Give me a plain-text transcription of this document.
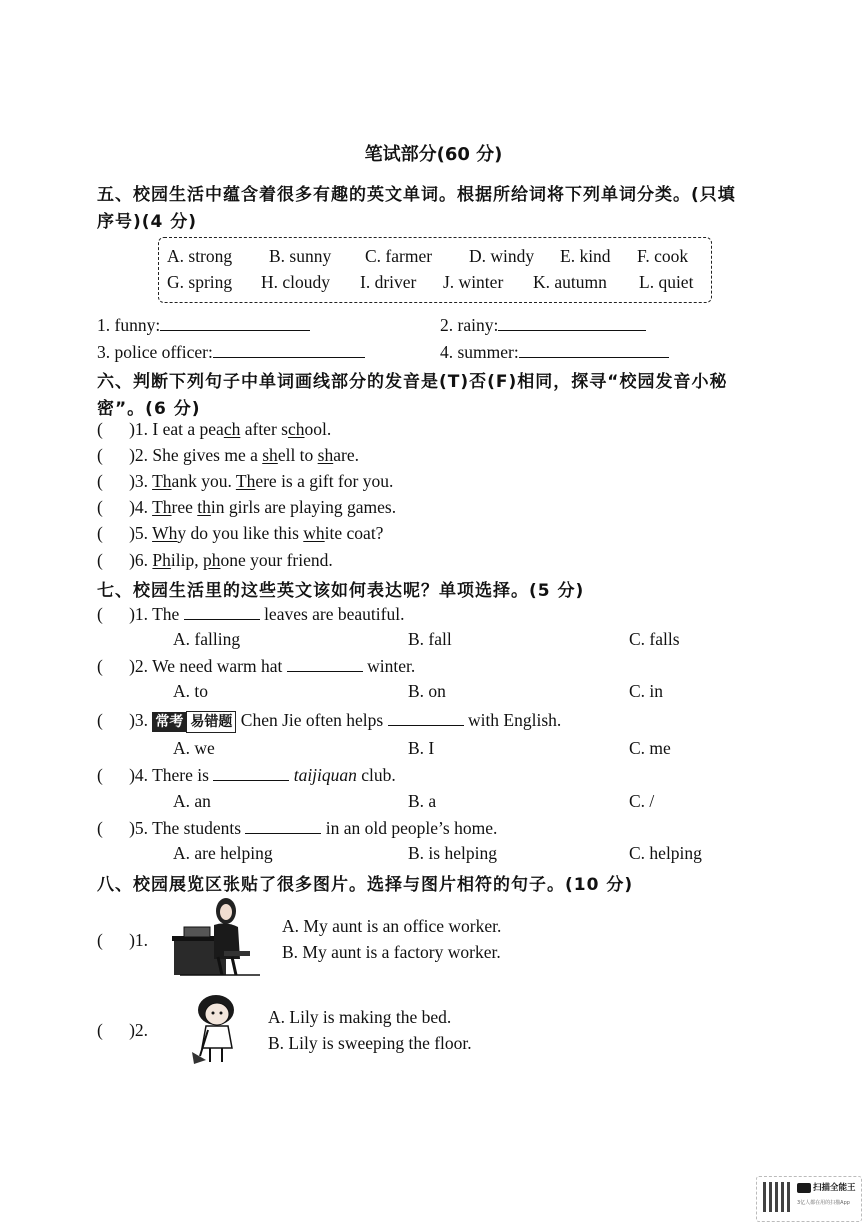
笔试部分(60 分)
五、校园生活中蕴含着很多有趣的英文单词。根据所给词将下列单词分类。(只填
序号)(4 分)
A. strong B. sunny C. farmer D. windy E. kind F. cook
G. spring H. cloudy I. driver J. winter K. autumn L. quiet
1. funny:	2. rainy:
3. police officer:	4. summer:
六、判断下列句子中单词画线部分的发音是(T)否(F)相同，探寻“校园发音小秘
密”。(6 分)
(      )1. I eat a peach after school.
(      )2. She gives me a shell to share.
(      )3. Thank you. There is a gift for you.
(      )4. Three thin girls are playing games.
(      )5. Why do you like this white coat?
(      )6. Philip, phone your friend.
七、校园生活里的这些英文该如何表达呢？单项选择。(5 分)
(      )1. The	leaves are beautiful.
A. falling	B. fall	C. falls
(      )2. We need warm hat	winter.
A. to	B. on	C. in
(      )3. 常考 易错题 Chen Jie often helps	with English.
A. we	B. I	C. me
(      )4. There is	taijiquan club.
A. an	B. a	C. /
(      )5. The students	in an old people’s home.
A. are helping	B. is helping	C. helping
八、校园展览区张贴了很多图片。选择与图片相符的句子。(10 分)
(      )1.
A. My aunt is an office worker.
B. My aunt is a factory worker.
(      )2.
A. Lily is making the bed.
B. Lily is sweeping the floor.
扫描全能王
3亿人都在用的扫描App
